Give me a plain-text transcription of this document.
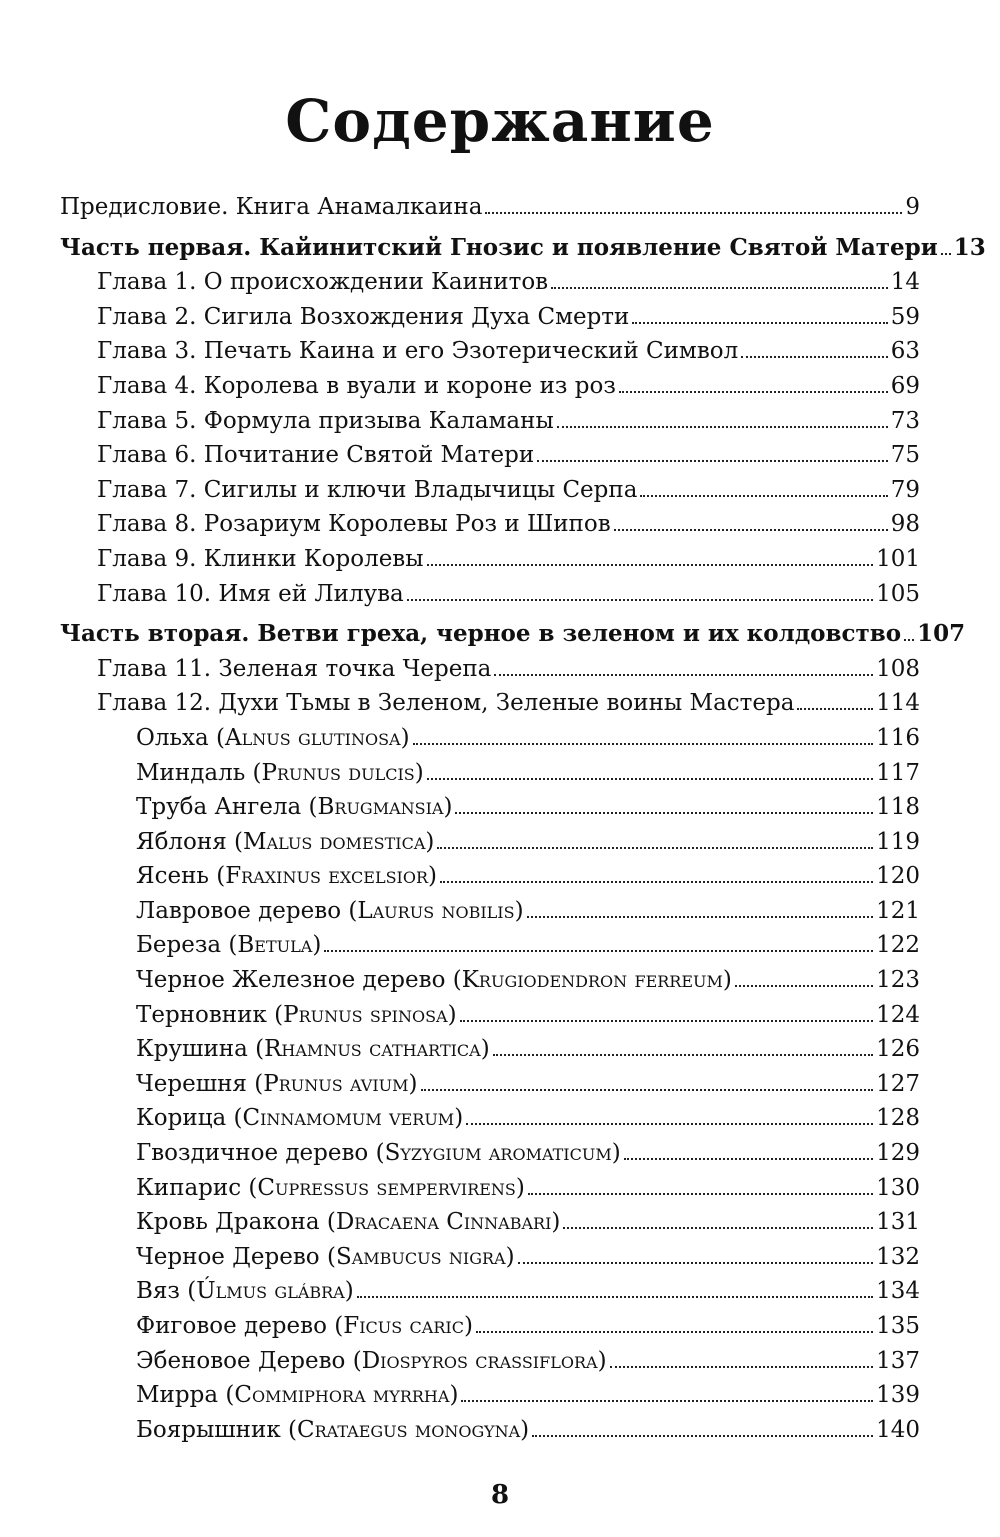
Содержание
Предисловие. Книга Анамалкаина	9
Часть первая. Кайинитский Гнозис и появление Святой Матери 13
Глава 1. О происхождении Каинитов	14
Глава 2. Сигила Возхождения Духа Смерти	59
Глава 3. Печать Каина и его Эзотерический Символ	63
Глава 4. Королева в вуали и короне из роз	69
Глава 5. Формула призыва Каламаны	73
Глава 6. Почитание Святой Матери	75
Глава 7. Сигилы и ключи Владычицы Серпа	79
Глава 8. Розариум Королевы Роз и Шипов	98
Глава 9. Клинки Королевы	101
Глава 10. Имя ей Лилува	105
Часть вторая. Ветви греха, черное в зеленом и их колдовство 107
Глава 11. Зеленая точка Черепа	108
Глава 12. Духи Тьмы в Зеленом, Зеленые воины Мастера	114
Ольха (Alnus glutinosa)	116
Миндаль (Prunus dulcis)	117
Труба Ангела (Brugmansia)	118
Яблоня (Malus domestica)	119
Ясень (Fraxinus excelsior)	120
Лавровое дерево (Laurus nobilis)	121
Береза (Betula)	122
Черное Железное дерево (Krugiodendron ferreum)	123
Терновник (Prunus spinosa)	124
Крушина (Rhamnus cathartica)	126
Черешня (Prunus avium)	127
Корица (Cinnamomum verum)	128
Гвоздичное дерево (Syzygium aromaticum)	129
Кипарис (Cupressus sempervirens)	130
Кровь Дракона (Dracaena Cinnabari)	131
Черное Дерево (Sambucus nigra)	132
Вяз (Úlmus glábra)	134
Фиговое дерево (Ficus caric)	135
Эбеновое Дерево (Diospyros crassiflora)	137
Мирра (Commiphora myrrha)	139
Боярышник (Crataegus monogyna)	140
8
